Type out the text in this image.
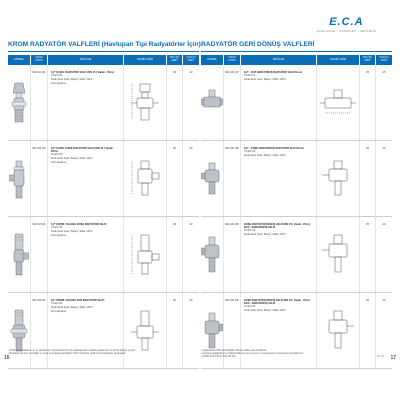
E.C.A
ELEGANCE · COMFORT · ADVANCE
KROM RADYATÖR VALFLERİ (Havlupan Tipi Radyatörler İçin)
GÖRSEL	ÜRÜN KODU	ÜRÜN ADI	TEKNİK ÇİZİM	KOLİ İÇİ ADET
KOLİ İÇİ ADET
602 101 101	1/2" KAVEL RADYATÖR VALFİ (DN 15 ) Vanalı - Pirinç
TS EN 215
Sıcak Suda: Kalıcı, Basınç: 16bar, 120ºC
Krom kaplama
30	20
602 103 103	1/2" KAVEL KÖŞE RADYATÖR VALFİ (DN 15 ) Vanalı - Pirinç
TS EN 215
Sıcak Suda: Kalıcı, Basınç: 16bar, 120ºC
Krom kaplama
30	20
602 103 301	1/2" KROM, VOLANLI KÖŞE RADYATÖR VALFİ
TS EN 215
Sıcak Suda: Kalıcı, Basınç: 16bar, 120ºC
Krom kaplama
30	20
602 103 601	1/2" KROM, VOLANLI DÜZ RADYATÖR VALFİ
TS EN 215
Sıcak Suda: Kalıcı, Basınç: 16bar, 120ºC
Krom kaplama
30	20
RADYATÖR GERİ DÖNÜŞ VALFLERİ
GÖRSEL	ÜRÜN KODU	ÜRÜN ADI	TEKNİK ÇİZİM	KOLİ İÇİ ADET
KOLİ İÇİ ADET
602 106 107	1/2" - DÜZ GERİ DÖNÜŞ RADYATÖR VALFİ Krom
TS EN 215
Sıcak Suda: Kalıcı, Basınç: 16bar, 120ºC
25	25
602 106 108	1/2" - KÖŞE GERİ DÖNÜŞ RADYATÖR VALFİ Krom
TS EN 215
Sıcak Suda: Kalıcı, Basınç: 16bar, 120ºC
25	40
602 106 205	KÖŞE RADYATÖR DÖNÜŞ VALFİ (DN 15 ) Vanalı - Pirinç ECO - GERİ DÖNÜŞ VALFİ
TS EN 215
Sıcak Suda: Kalıcı, Basınç: 16bar, 120ºC
25	20
602 106 206	KÖŞE RADYATÖR DÖNÜŞ VALFİ (DN 15 ) Vanalı - Pirinç ECO - GERİ DÖNÜŞ VALFİ
TS EN 215
Sıcak Suda: Kalıcı, Basınç: 16bar, 120ºC
25	40
• Sıcak su tesisatlarının ve su sayaçlarının belirlenmesi için ürün kataloğundan mutlaka yararlanınız ve teknik bilgilere uyunuz.
• Radyatöre ait ürün montajları ve sıcak su tesisatına ait bilgiler (Tüm ürünlerde) yetkili servis tarafından yapılmalıdır.
• Fiyatlarımıza KDV dahil değildir. Tavsiye edilen satış fiyatlarıdır.
• Ürünlerin değiştirilmesi ve bilgilendirilmesi için eca.com.tr, www.eca.com.tr adresinden faydalanınız.
• ÜRÜN KODU İÇİN: 602 103 101
16	07 / 01 17
